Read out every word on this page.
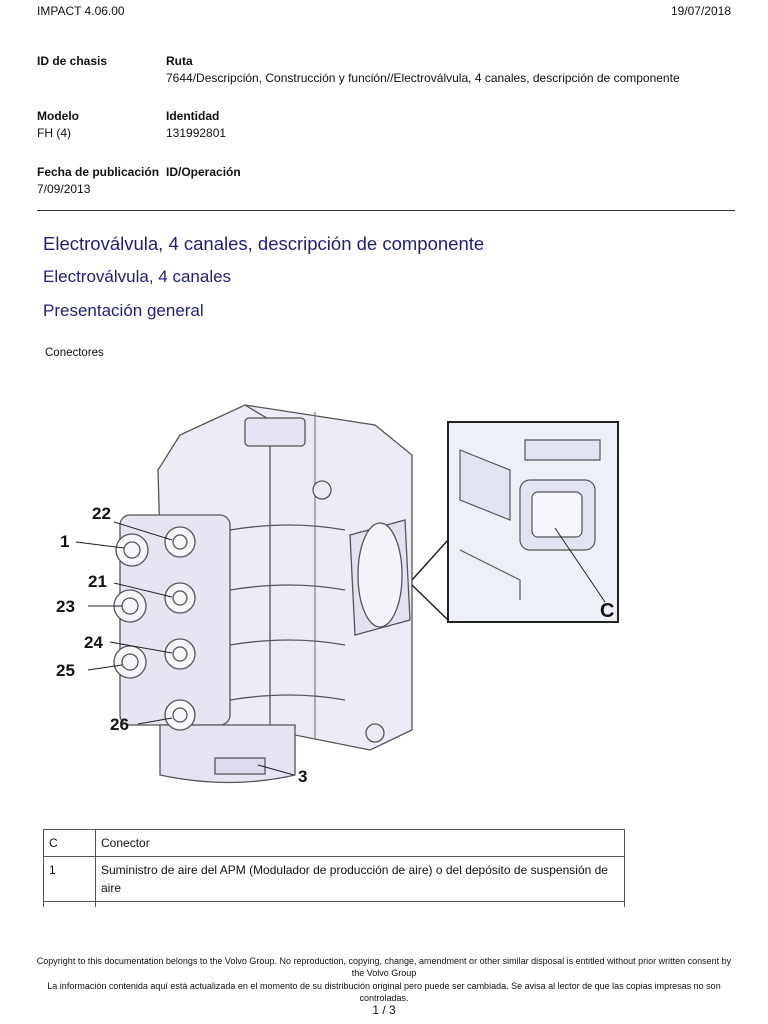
IMPACT 4.06.00	19/07/2018
ID de chasis	Ruta
7644/Descripción, Construcción y función//Electroválvula, 4 canales, descripción de componente
Modelo
FH (4)
Identidad
131992801
Fecha de publicación
7/09/2013
ID/Operación
Electroválvula, 4 canales, descripción de componente
Electroválvula, 4 canales
Presentación general
Conectores
22
1
21
23
24
25
26
3
C
C	Conector
1	Suministro de aire del APM (Modulador de producción de aire) o del depósito de suspensión de aire

Copyright to this documentation belongs to the Volvo Group. No reproduction, copying, change, amendment or other similar disposal is entitled without prior written consent by the Volvo Group
La información contenida aquí está actualizada en el momento de su distribución original pero puede ser cambiada. Se avisa al lector de que las copias impresas no son controladas.
1 / 3
